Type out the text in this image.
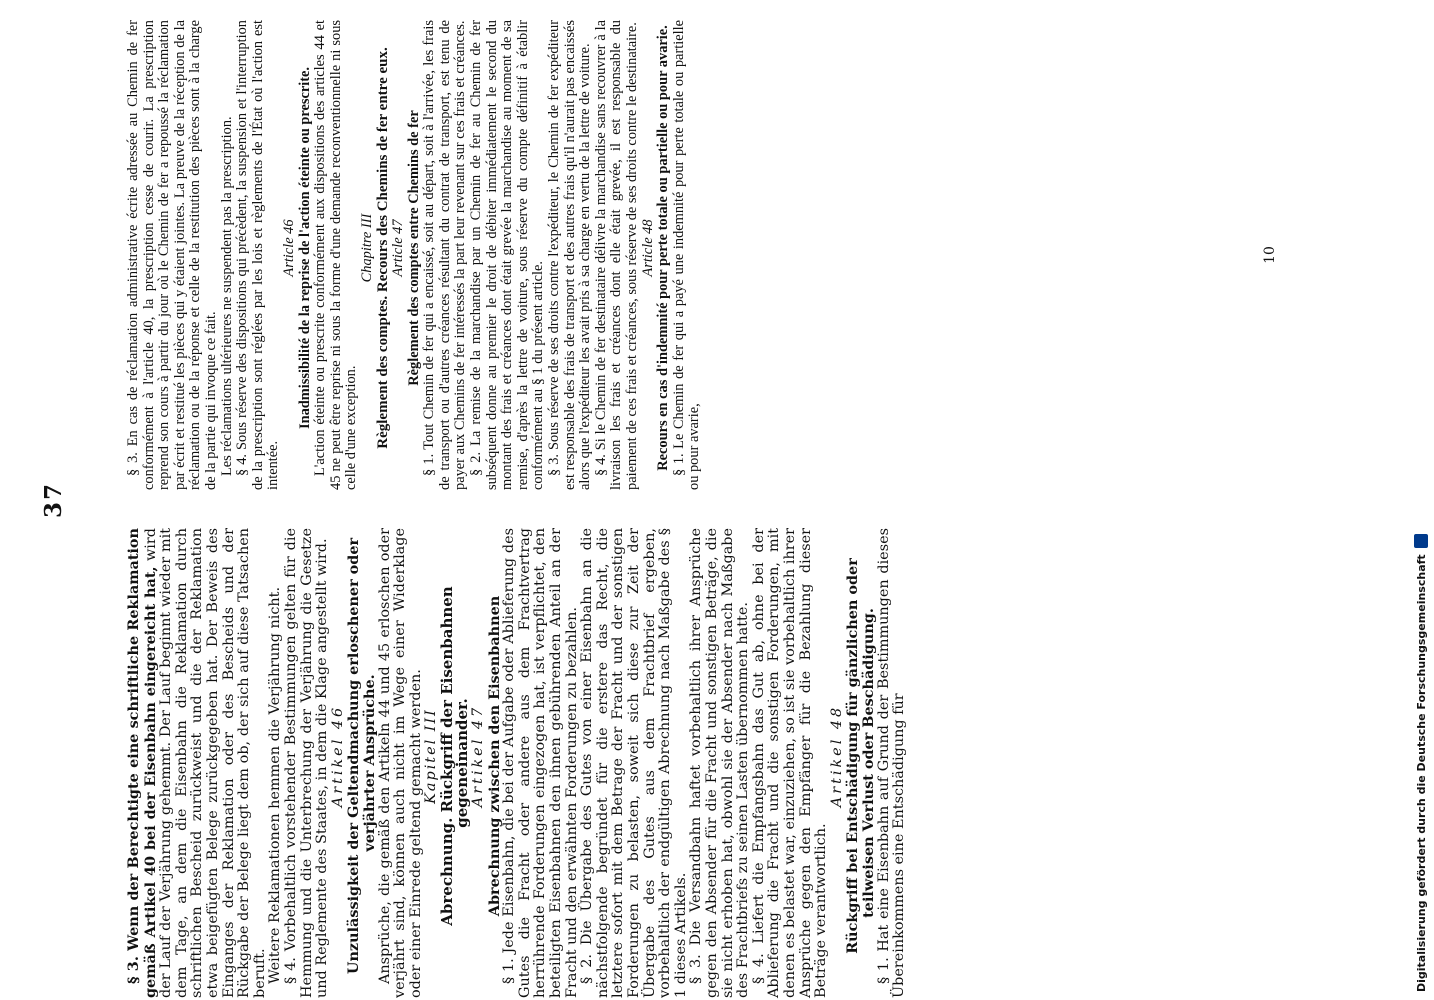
37

§ 3. Wenn der Berechtigte eine schriftliche Reklamation gemäß Artikel 40 bei der Eisenbahn eingereicht hat, wird der Lauf der Verjährung gehemmt. Der Lauf beginnt wieder mit dem Tage, an dem die Eisenbahn die Reklamation durch schriftlichen Bescheid zurückweist und die der Reklamation etwa beigefügten Belege zurückgegeben hat. Der Beweis des Einganges der Reklamation oder des Bescheids und der Rückgabe der Belege liegt dem ob, der sich auf diese Tatsachen beruft. Weitere Reklamationen hemmen die Verjährung nicht. § 4. Vorbehaltlich vorstehender Bestimmungen gelten für die Hemmung und die Unterbrechung der Verjährung die Gesetze und Reglemente des Staates, in dem die Klage angestellt wird. Artikel 46 Unzulässigkeit der Geltendmachung erloschener oder verjährter Ansprüche.

Ansprüche, die gemäß den Artikeln 44 und 45 erloschen oder verjährt sind, können auch nicht im Wege einer Widerklage oder einer Einrede geltend gemacht werden. Kapitel III

Abrechnung. Rückgriff der Eisenbahnen gegeneinander.

Artikel 47 Abrechnung zwischen den Eisenbahnen

§ 1. Jede Eisenbahn, die bei der Aufgabe oder Ablieferung des Gutes die Fracht oder andere aus dem Frachtvertrag herrührende Forderungen eingezogen hat, ist verpflichtet, den beteiligten Eisenbahnen den ihnen gebührenden Anteil an der Fracht und den erwähnten Forderungen zu bezahlen. § 2. Die Übergabe des Gutes von einer Eisenbahn an die nächstfolgende begründet für die erstere das Recht, die letztere sofort mit dem Betrage der Fracht und der sonstigen Forderungen zu belasten, soweit sich diese zur Zeit der Übergabe des Gutes aus dem Frachtbrief ergeben, vorbehaltlich der endgültigen Abrechnung nach Maßgabe des § 1 dieses Artikels. § 3. Die Versandbahn haftet vorbehaltlich ihrer Ansprüche gegen den Absender für die Fracht und sonstigen Beträge, die sie nicht erhoben hat, obwohl sie der Absender nach Maßgabe des Frachtbriefs zu seinen Lasten übernommen hatte. § 4. Liefert die Empfangsbahn das Gut ab, ohne bei der Ablieferung die Fracht und die sonstigen Forderungen, mit denen es belastet war, einzuziehen, so ist sie vorbehaltlich ihrer Ansprüche gegen den Empfänger für die Bezahlung dieser Beträge verantwortlich.

Artikel 48 Rückgriff bei Entschädigung für gänzlichen oder teilweisen Verlust oder Beschädigung.

§ 1. Hat eine Eisenbahn auf Grund der Bestimmungen dieses Übereinkommens eine Entschädigung für

§ 3. En cas de réclamation administrative écrite adressée au Chemin de fer conformément à l'article 40, la prescription cesse de courir. La prescription reprend son cours à partir du jour où le Chemin de fer a repoussé la réclamation par écrit et restitué les pièces qui y étaient jointes. La preuve de la réception de la réclamation ou de la réponse et celle de la restitution des pièces sont à la charge de la partie qui invoque ce fait. Les réclamations ultérieures ne suspendent pas la prescription. § 4. Sous réserve des dispositions qui précèdent, la suspension et l'interruption de la prescription sont réglées par les lois et règlements de l'État où l'action est intentée.

Article 46 Inadmissibilité de la reprise de l'action éteinte ou prescrite. L'action éteinte ou prescrite conformément aux dispositions des articles 44 et 45 ne peut être reprise ni sous la forme d'une demande reconventionnelle ni sous celle d'une exception.

Chapitre III Règlement des comptes. Recours des Chemins de fer entre eux. Article 47 Règlement des comptes entre Chemins de fer § 1. Tout Chemin de fer qui a encaissé, soit au départ, soit à l'arrivée, les frais de transport ou d'autres créances résultant du contrat de transport, est tenu de payer aux Chemins de fer intéressés la part leur revenant sur ces frais et créances. § 2. La remise de la marchandise par un Chemin de fer au Chemin de fer subséquent donne au premier le droit de débiter immédiatement le second du montant des frais et créances dont était grevée la marchandise au moment de sa remise, d'après la lettre de voiture, sous réserve du compte définitif à établir conformément au § 1 du présent article. § 3. Sous réserve de ses droits contre l'expéditeur, le Chemin de fer expéditeur est responsable des frais de transport et des autres frais qu'il n'aurait pas encaissés alors que l'expéditeur les avait pris à sa charge en vertu de la lettre de voiture. § 4. Si le Chemin de fer destinataire délivre la marchandise sans recouvrer à la livraison les frais et créances dont elle était grevée, il est responsable du paiement de ces frais et créances, sous réserve de ses droits contre le destinataire. Article 48 Recours en cas d'indemnité pour perte totale ou partielle ou pour avarie. § 1. Le Chemin de fer qui a payé une indemnité pour perte totale ou partielle ou pour avarie,

10
Digitalisierung gefördert durch die Deutsche Forschungsgemeinschaft
